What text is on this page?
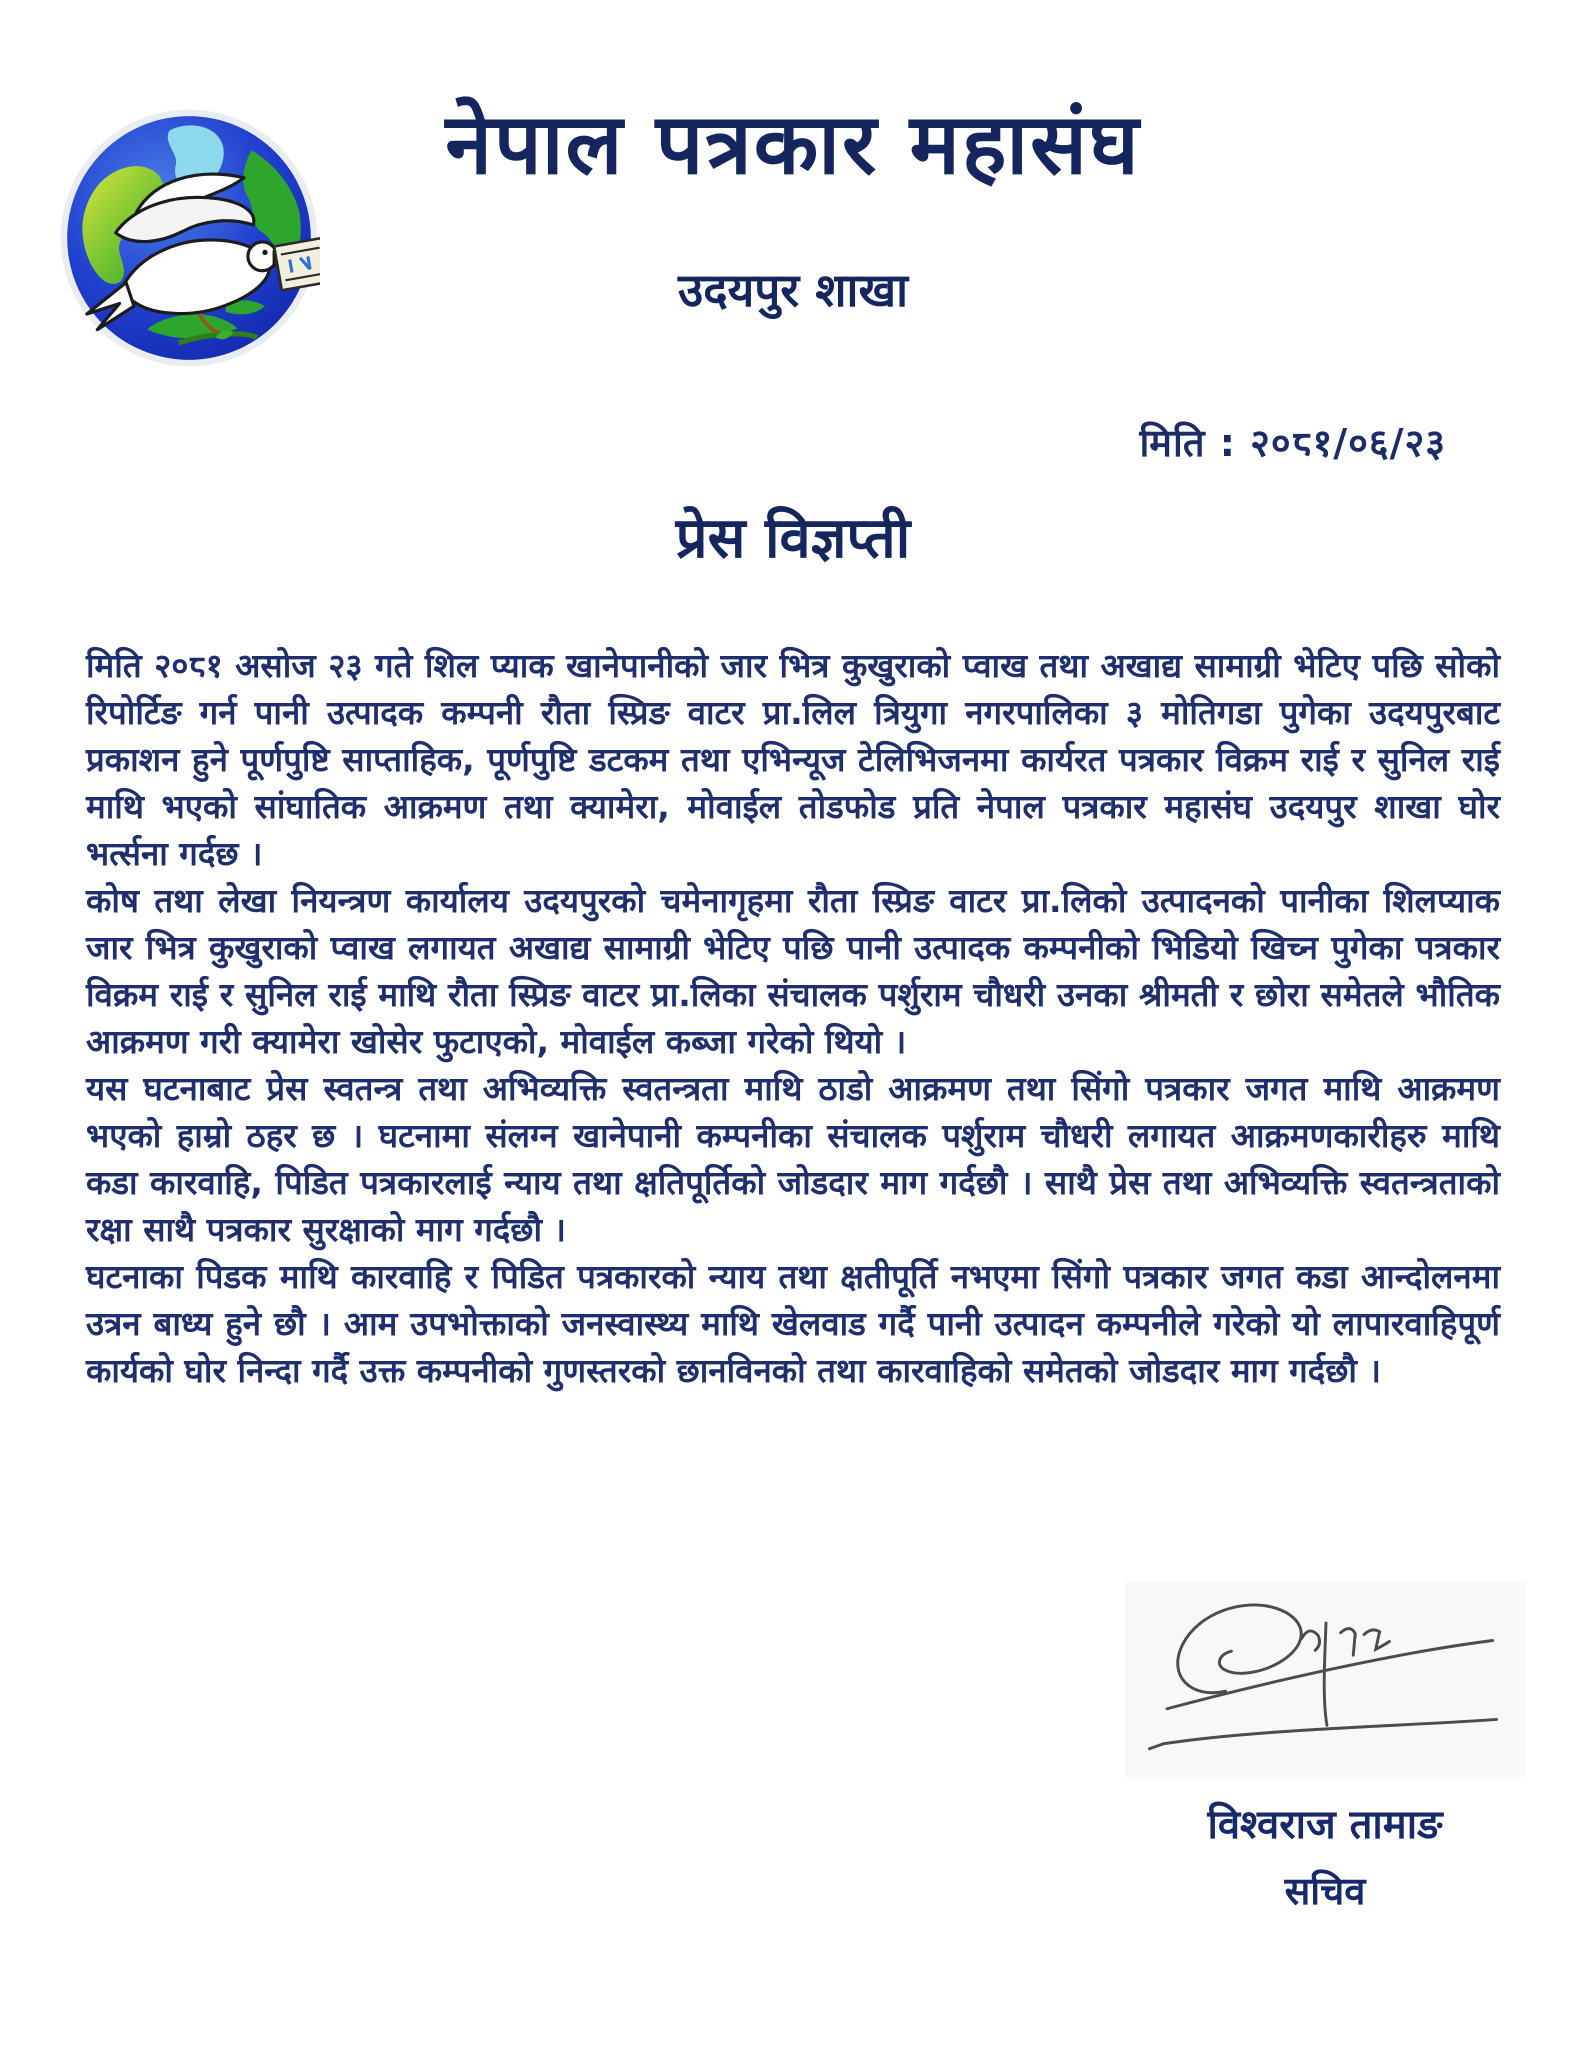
नेपाल पत्रकार महासंघ
उदयपुर शाखा
मिति : २०८१/०६/२३
प्रेस विज्ञप्ती

मिति २०८१ असोज २३ गते शिल प्याक खानेपानीको जार भित्र कुखुराको प्वाख तथा अखाद्य सामाग्री भेटिए पछि सोको रिपोर्टिङ गर्न पानी उत्पादक कम्पनी रौता स्प्रिङ वाटर प्रा.लिल त्रियुगा नगरपालिका ३ मोतिगडा पुगेका उदयपुरबाट प्रकाशन हुने पूर्णपुष्टि साप्ताहिक, पूर्णपुष्टि डटकम तथा एभिन्यूज टेलिभिजनमा कार्यरत पत्रकार विक्रम राई र सुनिल राई माथि भएको सांघातिक आक्रमण तथा क्यामेरा, मोवाईल तोडफोड प्रति नेपाल पत्रकार महासंघ उदयपुर शाखा घोर भर्त्सना गर्दछ ।

कोष तथा लेखा नियन्त्रण कार्यालय उदयपुरको चमेनागृहमा रौता स्प्रिङ वाटर प्रा.लिको उत्पादनको पानीका शिलप्याक जार भित्र कुखुराको प्वाख लगायत अखाद्य सामाग्री भेटिए पछि पानी उत्पादक कम्पनीको भिडियो खिच्न पुगेका पत्रकार विक्रम राई र सुनिल राई माथि रौता स्प्रिङ वाटर प्रा.लिका संचालक पर्शुराम चौधरी उनका श्रीमती र छोरा समेतले भौतिक आक्रमण गरी क्यामेरा खोसेर फुटाएको, मोवाईल कब्जा गरेको थियो ।

यस घटनाबाट प्रेस स्वतन्त्र तथा अभिव्यक्ति स्वतन्त्रता माथि ठाडो आक्रमण तथा सिंगो पत्रकार जगत माथि आक्रमण भएको हाम्रो ठहर छ । घटनामा संलग्न खानेपानी कम्पनीका संचालक पर्शुराम चौधरी लगायत आक्रमणकारीहरु माथि कडा कारवाहि, पिडित पत्रकारलाई न्याय तथा क्षतिपूर्तिको जोडदार माग गर्दछौ । साथै प्रेस तथा अभिव्यक्ति स्वतन्त्रताको रक्षा साथै पत्रकार सुरक्षाको माग गर्दछौ ।

घटनाका पिडक माथि कारवाहि र पिडित पत्रकारको न्याय तथा क्षतीपूर्ति नभएमा सिंगो पत्रकार जगत कडा आन्दोलनमा उत्रन बाध्य हुने छौ । आम उपभोक्ताको जनस्वास्थ्य माथि खेलवाड गर्दै पानी उत्पादन कम्पनीले गरेको यो लापारवाहिपूर्ण कार्यको घोर निन्दा गर्दै उक्त कम्पनीको गुणस्तरको छानविनको तथा कारवाहिको समेतको जोडदार माग गर्दछौ ।

विश्वराज तामाङ
सचिव
